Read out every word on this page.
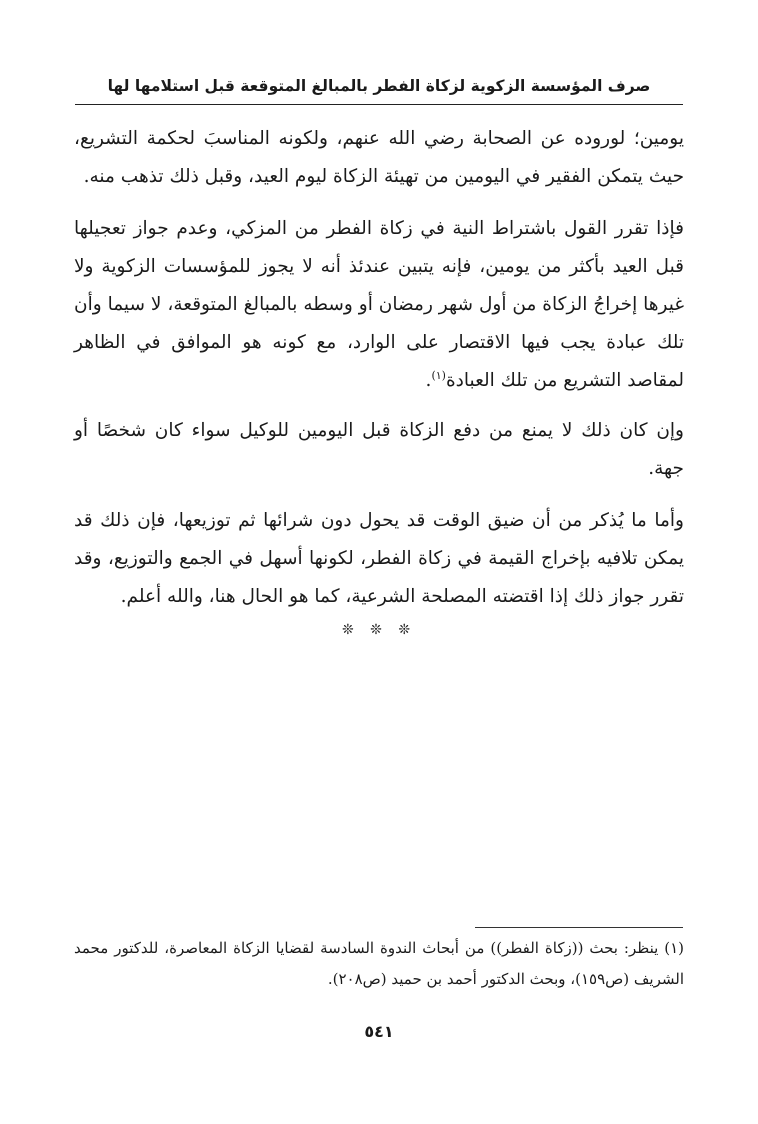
صرف المؤسسة الزكوية لزكاة الفطر بالمبالغ المتوقعة قبل استلامها لها

يومين؛ لوروده عن الصحابة رضي الله عنهم، ولكونه المناسبَ لحكمة التشريع، حيث يتمكن الفقير في اليومين من تهيئة الزكاة ليوم العيد، وقبل ذلك تذهب منه.

فإذا تقرر القول باشتراط النية في زكاة الفطر من المزكي، وعدم جواز تعجيلها قبل العيد بأكثر من يومين، فإنه يتبين عندئذ أنه لا يجوز للمؤسسات الزكوية ولا غيرها إخراجُ الزكاة من أول شهر رمضان أو وسطه بالمبالغ المتوقعة، لا سيما وأن تلك عبادة يجب فيها الاقتصار على الوارد، مع كونه هو الموافق في الظاهر لمقاصد التشريع من تلك العبادة$^{(١)}$.

وإن كان ذلك لا يمنع من دفع الزكاة قبل اليومين للوكيل سواء كان شخصًا أو جهة.

وأما ما يُذكر من أن ضيق الوقت قد يحول دون شرائها ثم توزيعها، فإن ذلك قد يمكن تلافيه بإخراج القيمة في زكاة الفطر، لكونها أسهل في الجمع والتوزيع، وقد تقرر جواز ذلك إذا اقتضته المصلحة الشرعية، كما هو الحال هنا، والله أعلم.

❊ ❊ ❊

(١) ينظر: بحث ((زكاة الفطر)) من أبحاث الندوة السادسة لقضايا الزكاة المعاصرة، للدكتور محمد الشريف (ص١٥٩)، وبحث الدكتور أحمد بن حميد (ص٢٠٨).

٥٤١
